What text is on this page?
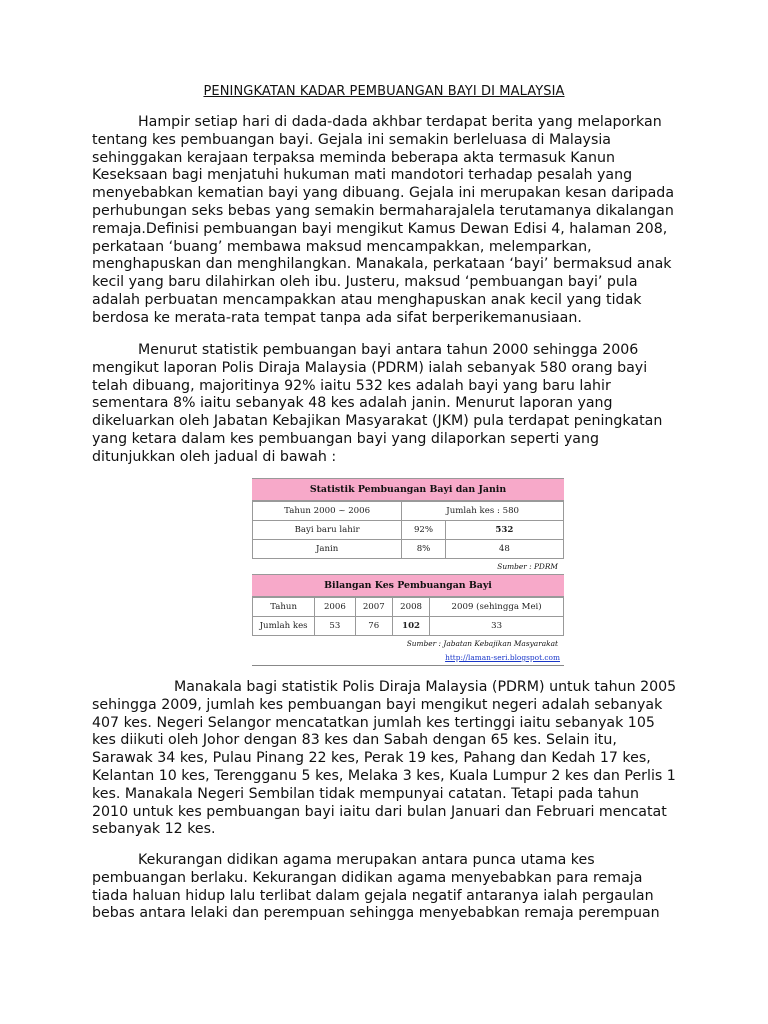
PENINGKATAN KADAR PEMBUANGAN BAYI DI MALAYSIA

Hampir setiap hari di dada-dada akhbar terdapat berita yang melaporkan
tentang kes pembuangan bayi. Gejala ini semakin berleluasa di Malaysia
sehinggakan kerajaan terpaksa meminda beberapa akta termasuk Kanun
Keseksaan bagi menjatuhi hukuman mati mandotori terhadap pesalah yang
menyebabkan kematian bayi yang dibuang. Gejala ini merupakan kesan daripada
perhubungan seks bebas yang semakin bermaharajalela terutamanya dikalangan
remaja.Definisi pembuangan bayi mengikut Kamus Dewan Edisi 4, halaman 208,
perkataan ‘buang’ membawa maksud mencampakkan, melemparkan,
menghapuskan dan menghilangkan. Manakala, perkataan ‘bayi’ bermaksud anak
kecil yang baru dilahirkan oleh ibu. Justeru, maksud ‘pembuangan bayi’ pula
adalah perbuatan mencampakkan atau menghapuskan anak kecil yang tidak
berdosa ke merata-rata tempat tanpa ada sifat berperikemanusiaan.

Menurut statistik pembuangan bayi antara tahun 2000 sehingga 2006
mengikut laporan Polis Diraja Malaysia (PDRM) ialah sebanyak 580 orang bayi
telah dibuang, majoritinya 92% iaitu 532 kes adalah bayi yang baru lahir
sementara 8% iaitu sebanyak 48 kes adalah janin. Menurut laporan yang
dikeluarkan oleh Jabatan Kebajikan Masyarakat (JKM) pula terdapat peningkatan
yang ketara dalam kes pembuangan bayi yang dilaporkan seperti yang
ditunjukkan oleh jadual di bawah :

Statistik Pembuangan Bayi dan Janin
Tahun 2000 ~ 2006	Jumlah kes : 580	
Bayi baru lahir	92%	532
Janin	8%	48
Sumber : PDRM
Bilangan Kes Pembuangan Bayi
Tahun	2006	2007	2008	2009 (sehingga Mei)
Jumlah kes	53	76	102	33
Sumber : Jabatan Kebajikan Masyarakat
http://laman-seri.blogspot.com

Manakala bagi statistik Polis Diraja Malaysia (PDRM) untuk tahun 2005
sehingga 2009, jumlah kes pembuangan bayi mengikut negeri adalah sebanyak
407 kes. Negeri Selangor mencatatkan jumlah kes tertinggi iaitu sebanyak 105
kes diikuti oleh Johor dengan 83 kes dan Sabah dengan 65 kes. Selain itu,
Sarawak 34 kes, Pulau Pinang 22 kes, Perak 19 kes, Pahang dan Kedah 17 kes,
Kelantan 10 kes, Terengganu 5 kes, Melaka 3 kes, Kuala Lumpur 2 kes dan Perlis 1
kes. Manakala Negeri Sembilan tidak mempunyai catatan. Tetapi pada tahun
2010 untuk kes pembuangan bayi iaitu dari bulan Januari dan Februari mencatat
sebanyak 12 kes.

Kekurangan didikan agama merupakan antara punca utama kes
pembuangan berlaku. Kekurangan didikan agama menyebabkan para remaja
tiada haluan hidup lalu terlibat dalam gejala negatif antaranya ialah pergaulan
bebas antara lelaki dan perempuan sehingga menyebabkan remaja perempuan
